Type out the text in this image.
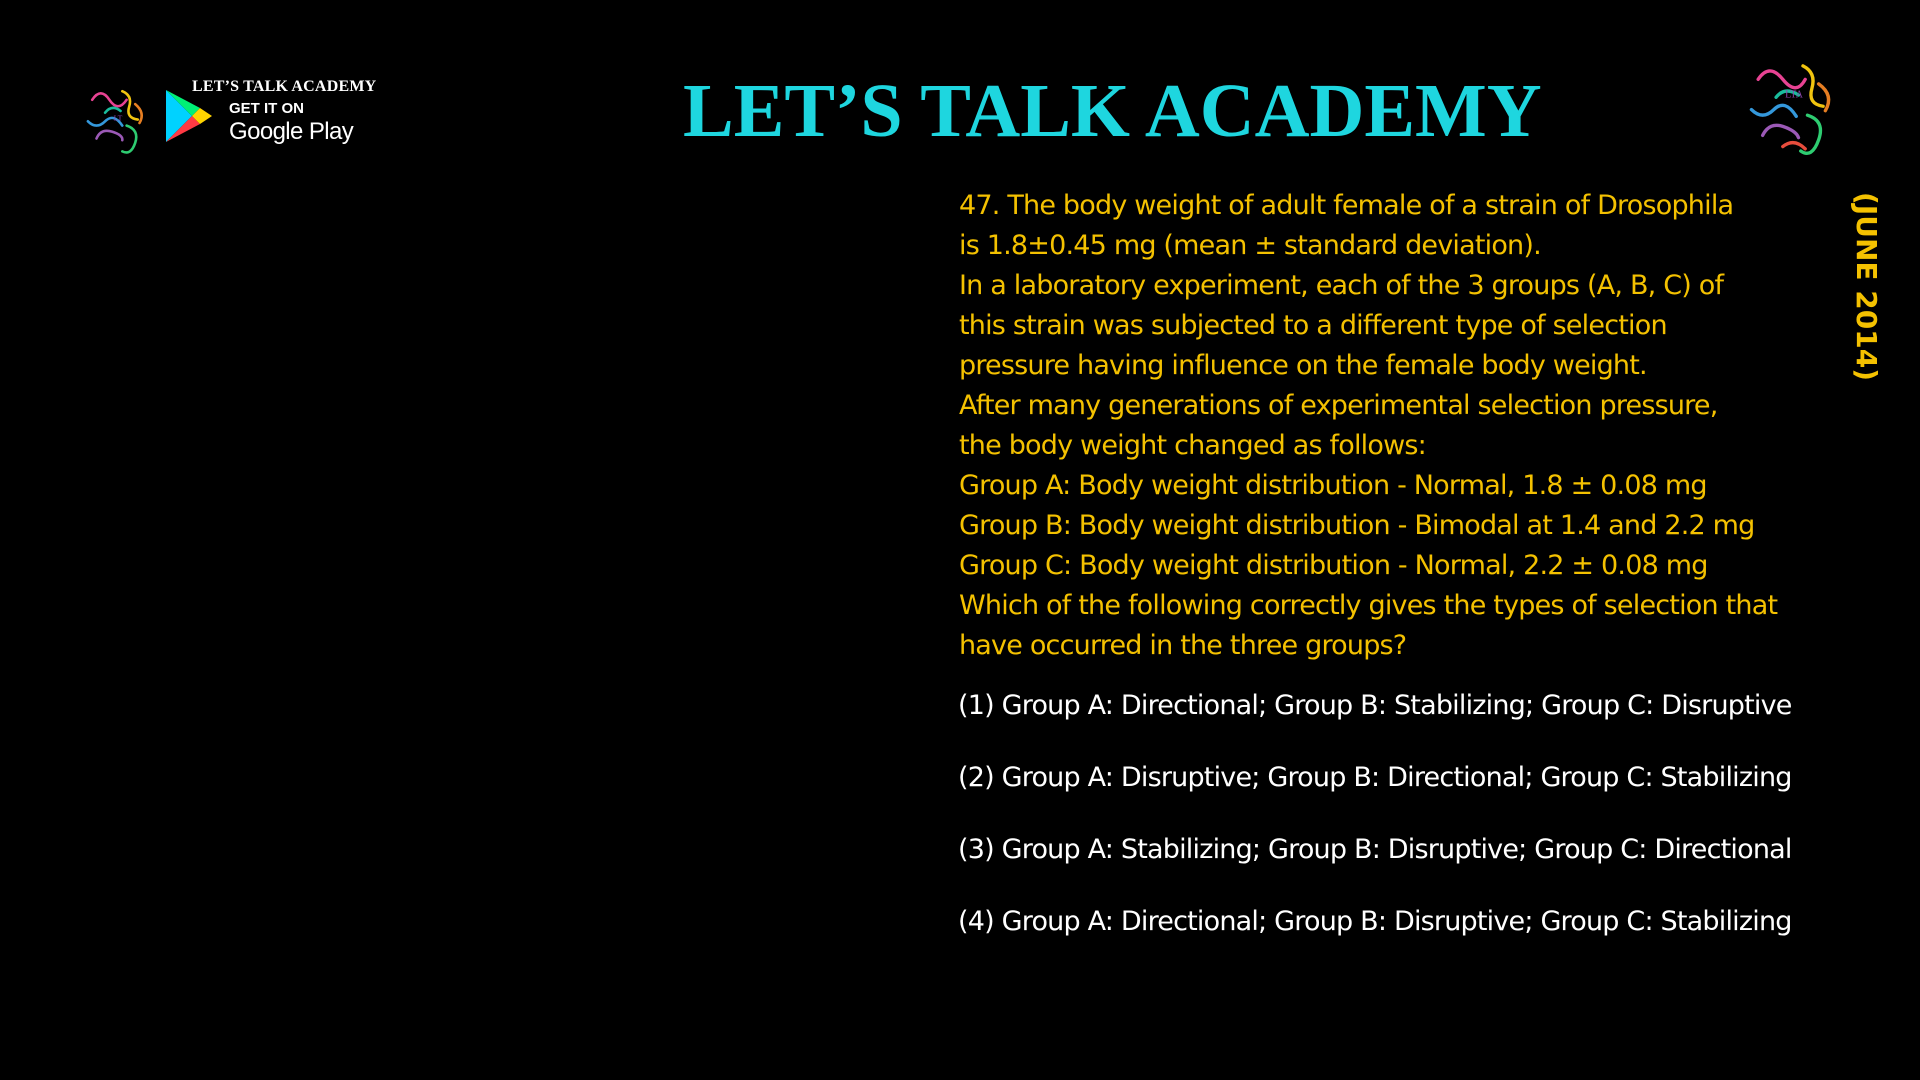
LT
LET’S TALK ACADEMY
GET IT ON
Google Play	LET’S TALK ACADEMY	LTA
47. The body weight of adult female of a strain of Drosophila
is 1.8±0.45 mg (mean ± standard deviation).
In a laboratory experiment, each of the 3 groups (A, B, C) of
this strain was subjected to a different type of selection
pressure having influence on the female body weight.
After many generations of experimental selection pressure,
the body weight changed as follows:
Group A: Body weight distribution - Normal, 1.8 ± 0.08 mg
Group B: Body weight distribution - Bimodal at 1.4 and 2.2 mg
Group C: Body weight distribution - Normal, 2.2 ± 0.08 mg
Which of the following correctly gives the types of selection that
have occurred in the three groups?
(JUNE 2014)
(1) Group A: Directional; Group B: Stabilizing; Group C: Disruptive
(2) Group A: Disruptive; Group B: Directional; Group C: Stabilizing
(3) Group A: Stabilizing; Group B: Disruptive; Group C: Directional
(4) Group A: Directional; Group B: Disruptive; Group C: Stabilizing
